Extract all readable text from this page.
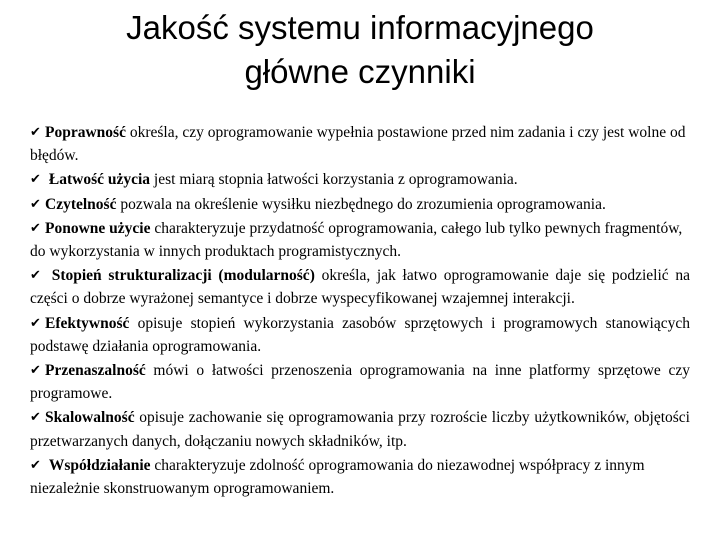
Jakość systemu informacyjnego
główne czynniki

✔ Poprawność określa, czy oprogramowanie wypełnia postawione przed nim zadania i czy jest wolne od błędów.

✔ Łatwość użycia jest miarą stopnia łatwości korzystania z oprogramowania.

✔ Czytelność pozwala na określenie wysiłku niezbędnego do zrozumienia oprogramowania.

✔ Ponowne użycie charakteryzuje przydatność oprogramowania, całego lub tylko pewnych fragmentów, do wykorzystania w innych produktach programistycznych.

✔ Stopień strukturalizacji (modularność) określa, jak łatwo oprogramowanie daje się podzielić na części o dobrze wyrażonej semantyce i dobrze wyspecyfikowanej wzajemnej interakcji.

✔ Efektywność opisuje stopień wykorzystania zasobów sprzętowych i programowych stanowiących podstawę działania oprogramowania.

✔ Przenaszalność mówi o łatwości przenoszenia oprogramowania na inne platformy sprzętowe czy programowe.

✔ Skalowalność opisuje zachowanie się oprogramowania przy rozroście liczby użytkowników, objętości przetwarzanych danych, dołączaniu nowych składników, itp.

✔ Współdziałanie charakteryzuje zdolność oprogramowania do niezawodnej współpracy z innym niezależnie skonstruowanym oprogramowaniem.
